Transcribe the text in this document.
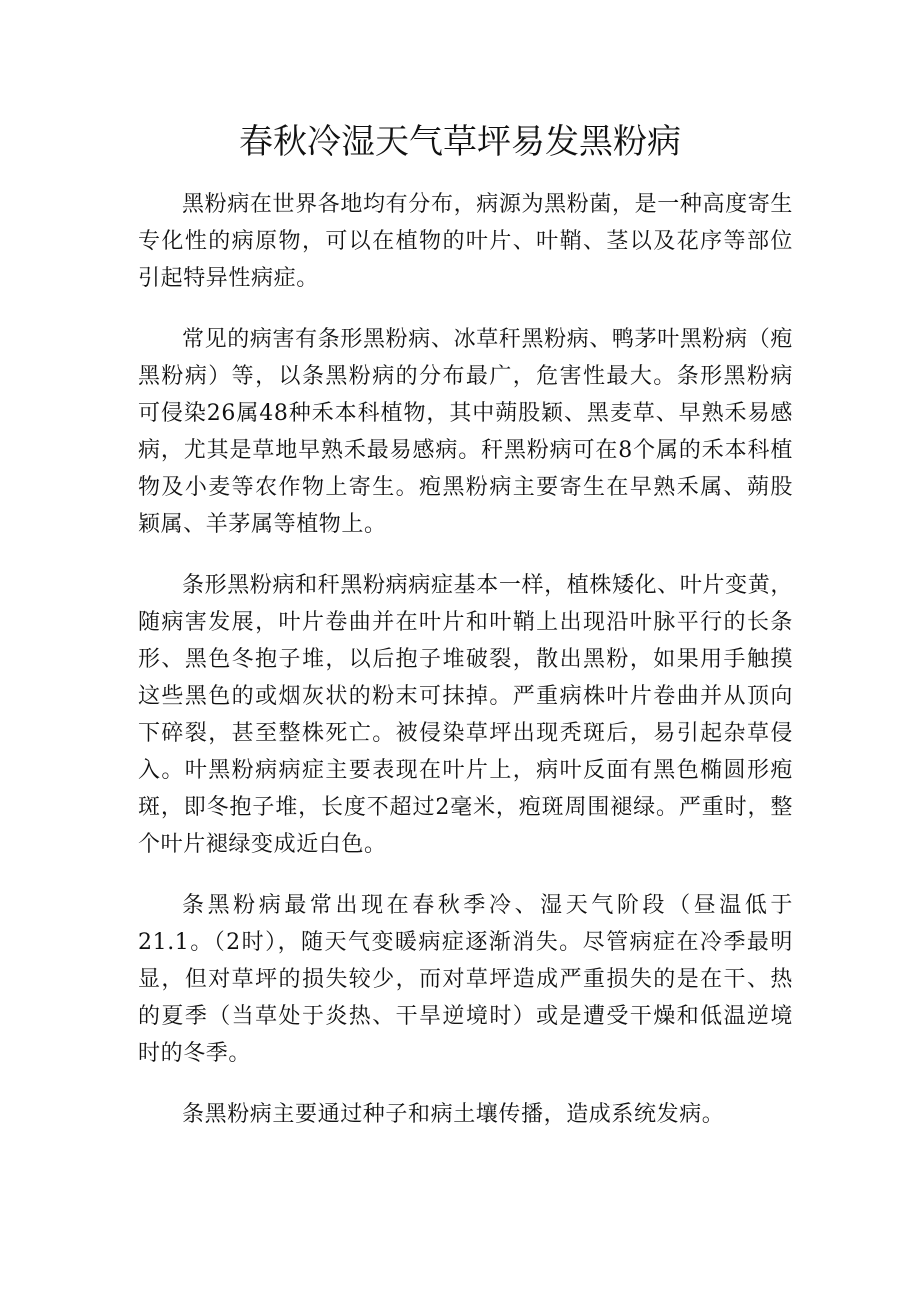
春秋冷湿天气草坪易发黑粉病

黑粉病在世界各地均有分布，病源为黑粉菌，是一种高度寄生专化性的病原物，可以在植物的叶片、叶鞘、茎以及花序等部位引起特异性病症。

常见的病害有条形黑粉病、冰草秆黑粉病、鸭茅叶黑粉病（疱黑粉病）等，以条黑粉病的分布最广，危害性最大。条形黑粉病可侵染26属48种禾本科植物，其中蒴股颖、黑麦草、早熟禾易感病，尤其是草地早熟禾最易感病。秆黑粉病可在8个属的禾本科植物及小麦等农作物上寄生。疱黑粉病主要寄生在早熟禾属、蒴股颖属、羊茅属等植物上。

条形黑粉病和秆黑粉病病症基本一样，植株矮化、叶片变黄，随病害发展，叶片卷曲并在叶片和叶鞘上出现沿叶脉平行的长条形、黑色冬抱子堆，以后抱子堆破裂，散出黑粉，如果用手触摸这些黑色的或烟灰状的粉末可抹掉。严重病株叶片卷曲并从顶向下碎裂，甚至整株死亡。被侵染草坪出现秃斑后，易引起杂草侵入。叶黑粉病病症主要表现在叶片上，病叶反面有黑色椭圆形疱斑，即冬抱子堆，长度不超过2毫米，疱斑周围褪绿。严重时，整个叶片褪绿变成近白色。

条黑粉病最常出现在春秋季冷、湿天气阶段（昼温低于21.1。（2时），随天气变暖病症逐渐消失。尽管病症在冷季最明显，但对草坪的损失较少，而对草坪造成严重损失的是在干、热的夏季（当草处于炎热、干旱逆境时）或是遭受干燥和低温逆境时的冬季。

条黑粉病主要通过种子和病土壤传播，造成系统发病。
